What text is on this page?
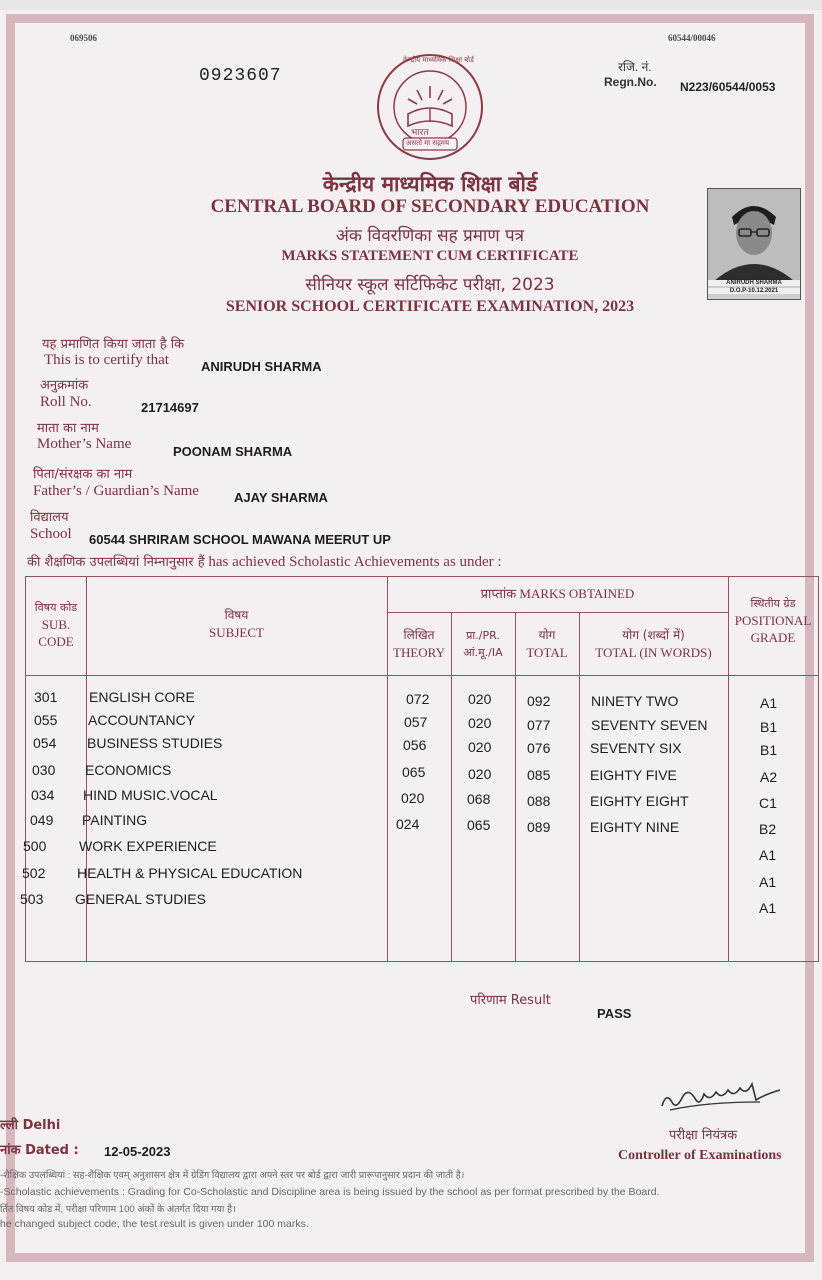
069506	60544/00046
0923607	रजि. नं.
Regn.No. N223/60544/0053
भारत
असतो मा सद्गमय
केन्द्रीय माध्यमिक शिक्षा बोर्ड
केन्द्रीय माध्यमिक शिक्षा बोर्ड
CENTRAL BOARD OF SECONDARY EDUCATION
अंक विवरणिका सह प्रमाण पत्र
MARKS STATEMENT CUM CERTIFICATE
सीनियर स्कूल सर्टिफिकेट परीक्षा, 2023
SENIOR SCHOOL CERTIFICATE EXAMINATION, 2023
ANIRUDH SHARMA
D.O.P-10.12.2021
यह प्रमाणित किया जाता है कि
This is to certify that ANIRUDH SHARMA
अनुक्रमांक
Roll No.	21714697
माता का नाम
Mother’s Name	POONAM SHARMA
पिता/संरक्षक का नाम
Father’s / Guardian’s Name	AJAY SHARMA
विद्यालय
School 60544 SHRIRAM SCHOOL MAWANA MEERUT UP
की शैक्षणिक उपलब्धियां निम्नानुसार हैं has achieved Scholastic Achievements as under :
विषय कोड
SUB.
CODE
विषय
SUBJECT
प्राप्तांक MARKS OBTAINED
लिखित
THEORY
प्रा./PR.
आं.मू./IA
योग
TOTAL
योग (शब्दों में)
TOTAL (IN WORDS)
स्थितीय ग्रेड
POSITIONAL
GRADE
301 ENGLISH CORE	072	020	092	NINETY TWO	A1
055 ACCOUNTANCY	057	020	077	SEVENTY SEVEN	B1
054 BUSINESS STUDIES	056	020	076	SEVENTY SIX	B1
030 ECONOMICS	065	020	085	EIGHTY FIVE	A2
034 HIND MUSIC.VOCAL	020	068	088	EIGHTY EIGHT	C1
049 PAINTING	024	065	089	EIGHTY NINE	B2
500 WORK EXPERIENCE
A1
502 HEALTH & PHYSICAL EDUCATION
A1
503 GENERAL STUDIES
A1
परिणाम Result
PASS
ल्ली Delhi
नांक Dated : 12-05-2023
परीक्षा नियंत्रक
Controller of Examinations
-शैक्षिक उपलब्धियां : सह-शैक्षिक एवम् अनुशासन क्षेत्र में ग्रेडिंग विद्यालय द्वारा अपने स्तर पर बोर्ड द्वारा जारी प्रारूपानुसार प्रदान की जाती है।
-Scholastic achievements : Grading for Co-Scholastic and Discipline area is being issued by the school as per format prescribed by the Board.
र्तित विषय कोड में, परीक्षा परिणाम 100 अंकों के अंतर्गत दिया गया है।
he changed subject code, the test result is given under 100 marks.
